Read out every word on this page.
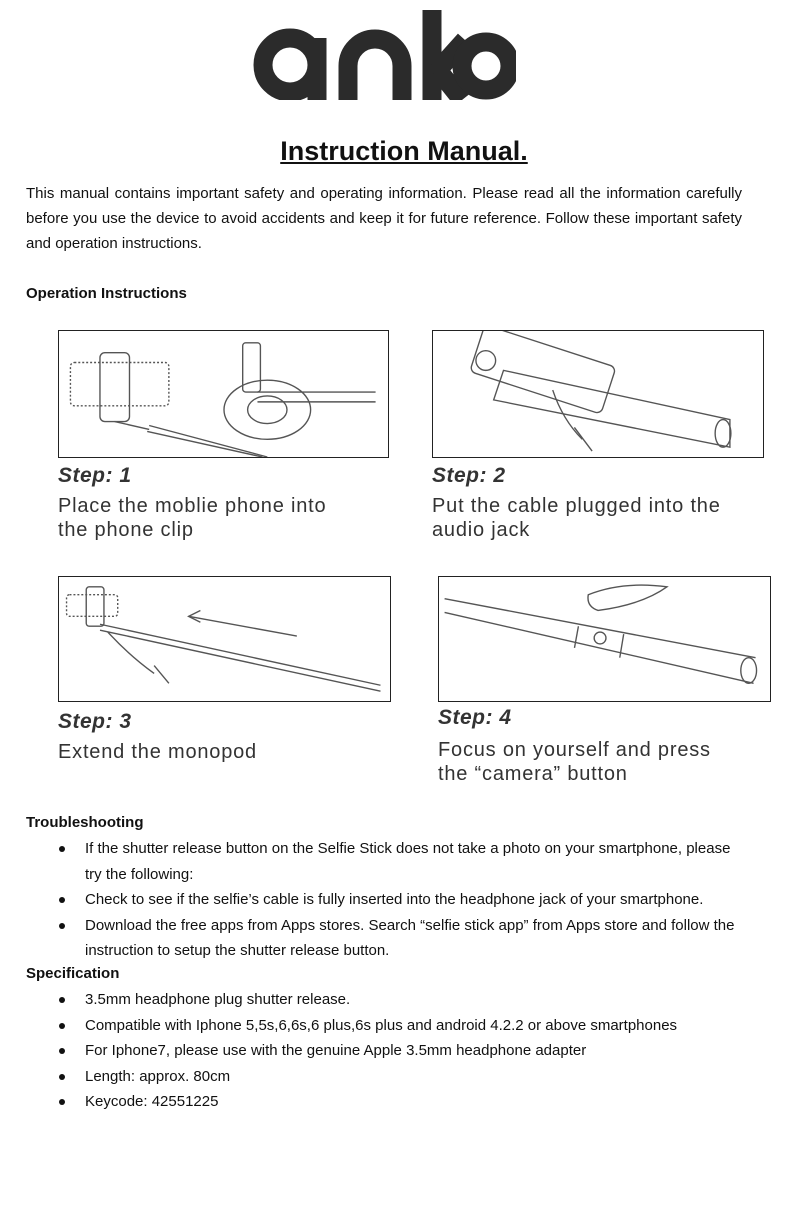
Instruction Manual.

This manual contains important safety and operating information. Please read all the information carefully before you use the device to avoid accidents and keep it for future reference. Follow these important safety and operation instructions.

Operation Instructions
Step: 1
Place the moblie phone into
the phone clip
Step: 2
Put the cable plugged into the
audio jack
Step: 3
Extend the monopod
Step: 4
Focus on yourself and press
the “camera” button
Troubleshooting
If the shutter release button on the Selfie Stick does not take a photo on your smartphone, please try the following:
Check to see if the selfie’s cable is fully inserted into the headphone jack of your smartphone.
Download the free apps from Apps stores. Search “selfie stick app” from Apps store and follow the instruction to setup the shutter release button.
Specification
3.5mm headphone plug shutter release.
Compatible with Iphone 5,5s,6,6s,6 plus,6s plus and android 4.2.2 or above smartphones
For Iphone7, please use with the genuine Apple 3.5mm headphone adapter
Length: approx. 80cm
Keycode: 42551225
